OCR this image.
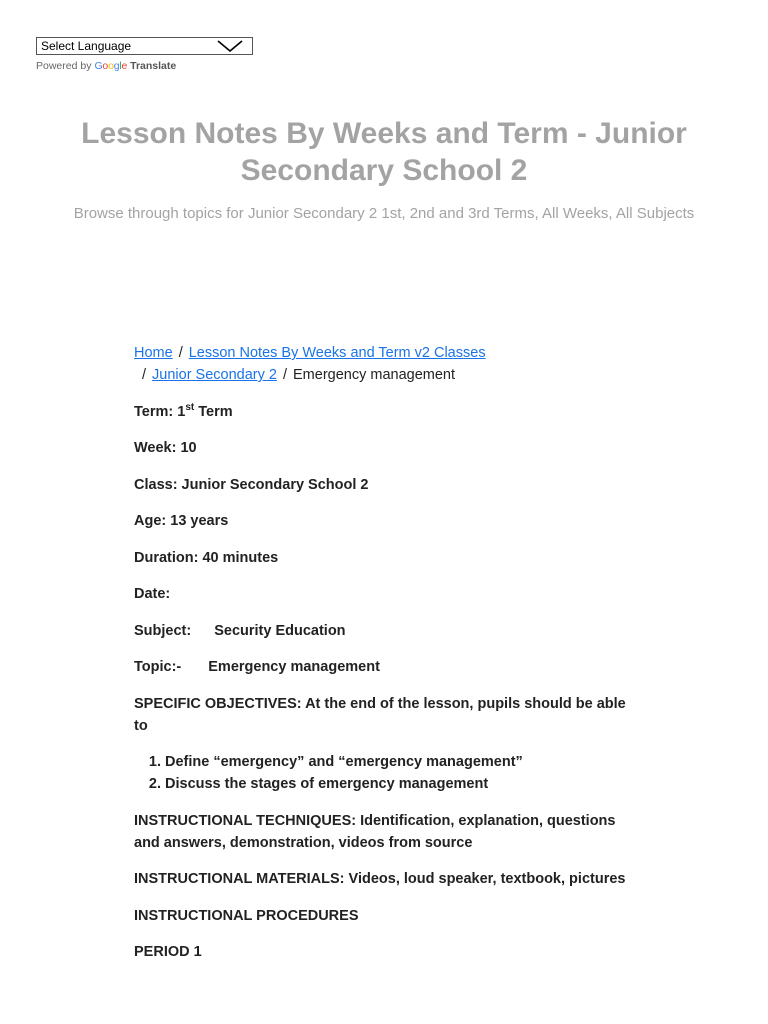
Select Language
Powered by Google Translate
Lesson Notes By Weeks and Term - Junior Secondary School 2

Browse through topics for Junior Secondary 2 1st, 2nd and 3rd Terms, All Weeks, All Subjects

Home / Lesson Notes By Weeks and Term v2 Classes
/ Junior Secondary 2 / Emergency management

Term: 1st Term

Week: 10

Class: Junior Secondary School 2

Age: 13 years

Duration: 40 minutes

Date:

Subject: Security Education

Topic:- Emergency management

SPECIFIC OBJECTIVES: At the end of the lesson, pupils should be able to

1. Define “emergency” and “emergency management”
2. Discuss the stages of emergency management

INSTRUCTIONAL TECHNIQUES: Identification, explanation, questions and answers, demonstration, videos from source

INSTRUCTIONAL MATERIALS: Videos, loud speaker, textbook, pictures

INSTRUCTIONAL PROCEDURES

PERIOD 1
